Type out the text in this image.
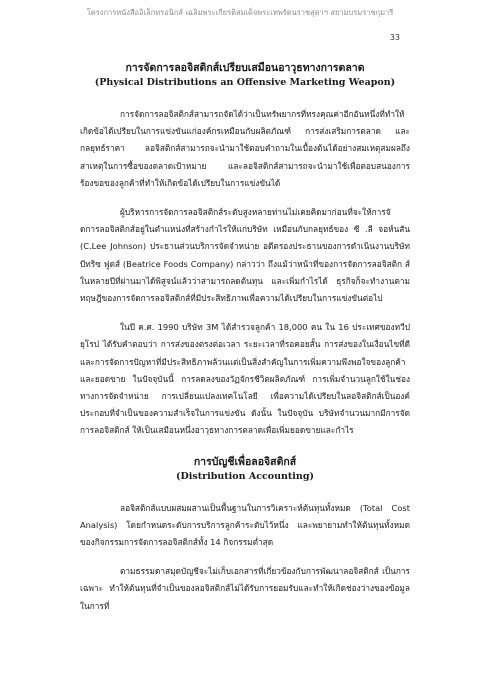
โครงการหนังสืออิเล็กทรอนิกส์ เฉลิมพระเกียรติสมเด็จพระเทพรัตนราชสุดาฯ สยามบรมราชกุมารี
33

การจัดการลอจิสติกส์เปรียบเสมือนอาวุธทางการตลาด

(Physical Distributions an Offensive Marketing Weapon)

การจัดการลอจิสติกส์สามารถจัดได้ว่าเป็นทรัพยากรที่ทรงคุณค่าอีกอันหนึ่งที่ทำให้เกิดข้อได้เปรียบในการแข่งขันแก่องค์กรเหมือนกับผลิตภัณฑ์ การส่งเสริมการตลาด และกลยุทธ์ราคา ลอจิสติกส์สามารถจะนำมาใช้ตอบคำถามในเบื้องต้นได้อย่างสมเหตุสมผลถึงสาเหตุในการซื้อของตลาดเป้าหมาย และลอจิสติกส์สามารถจะนำมาใช้เพื่อตอบสนองการร้องขอของลูกค้าที่ทำให้เกิดข้อได้เปรียบในการแข่งขันได้

ผู้บริหารการจัดการลอจิสติกส์ระดับสูงหลายท่านไม่เคยคิดมาก่อนที่จะให้การจั ดการลอจิสติกส์อยู่ในตำแหน่งที่สร้างกำไรให้แก่บริษัท เหมือนกับกลยุทธ์ของ ซี .ลี จอห์นสัน (C.Lee Johnson) ประธานส่วนบริการจัดจำหน่าย อดีตรองประธานของการดำเนินงานบริษัท บีทริซ ฟูดส์ (Beatrice Foods Company) กล่าวว่า ถึงแม้ว่าหน้าที่ของการจัดการลอจิสติก ส์ในหลายปีที่ผ่านมาได้พิสูจน์แล้วว่าสามารถลดต้นทุน และเพิ่มกำไรได้ ธุรกิจก็จะทำงานตามทฤษฎีของการจัดการลอจิสติกส์ที่มีประสิทธิภาพเพื่อความได้เปรียบในการแข่งขันต่อไป

ในปี ค.ศ. 1990 บริษัท 3M ได้สำรวจลูกค้า 18,000 คน ใน 16 ประเทศของทวีปยุโรป ได้รับคำตอบว่า การส่งของตรงต่อเวลา ระยะเวลาที่รอคอยสั้น การส่งของในเงื่อนไขที่ดี และการจัดการปัญหาที่มีประสิทธิภาพล้วนแต่เป็นสิ่งสำคัญในการเพิ่มความพึงพอใจของลูกค้าและยอดขาย ในปัจจุบันนี้ การลดลงของวัฏจักรชีวิตผลิตภัณฑ์ การเพิ่มจำนวนลูกใช้ในช่องทางการจัดจำหน่าย การเปลี่ยนแปลงเทคโนโลยี เพื่อความได้เปรียบในลอจิสติกส์เป็นองค์ประกอบที่จำเป็นของความสำเร็จในการแข่งขัน ดังนั้น ในปัจจุบัน บริษัทจำนวนมากมีการจัดการลอจิสติกส์ ให้เป็นเสมือนหนึ่งอาวุธทางการตลาดเพื่อเพิ่มยอดขายและกำไร

การบัญชีเพื่อลอจิสติกส์

(Distribution Accounting)

ลอจิสติกส์แบบผสมผสานเป็นพื้นฐานในการวิเคราะห์ต้นทุนทั้งหมด (Total Cost Analysis) โดยกำหนดระดับการบริการลูกค้าระดับไว้หนึ่ง และพยายามทำให้ต้นทุนทั้งหมดของกิจกรรมการจัดการลอจิสติกส์ทั้ง 14 กิจกรรมต่ำสุด

ตามธรรมดาสมุดบัญชีจะไม่เก็บเอกสารที่เกี่ยวข้องกับการพัฒนาลอจิสติกส์ เป็นการเฉพาะ ทำให้ต้นทุนที่จำเป็นของลอจิสติกส์ไม่ได้รับการยอมรับและทำให้เกิดช่องว่างของข้อมูลในการที่
